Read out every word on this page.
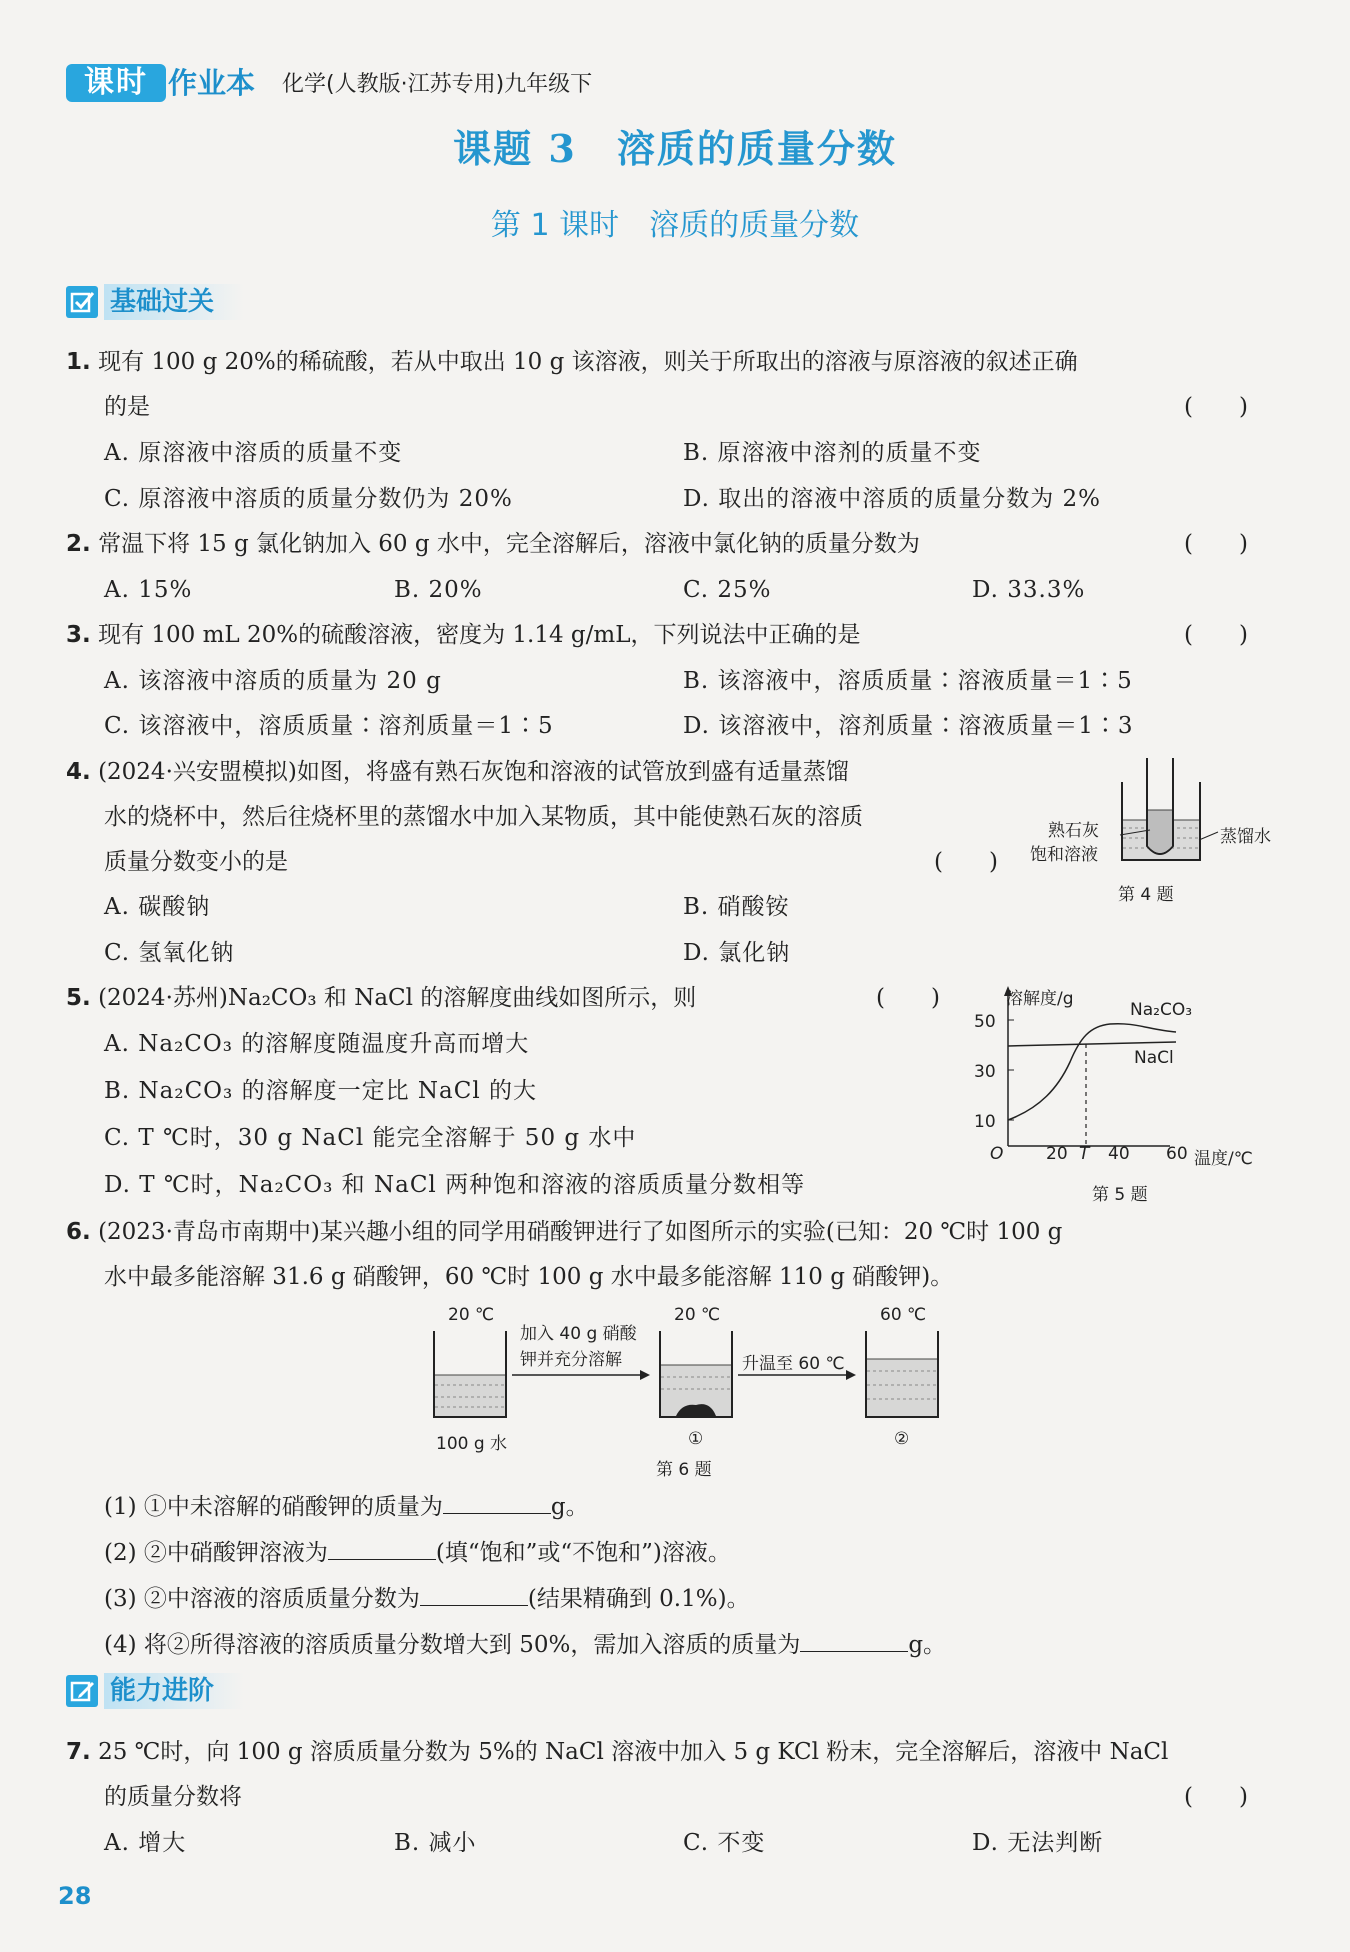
课时 作业本 化学(人教版·江苏专用)九年级下
课题 3　溶质的质量分数
第 1 课时　溶质的质量分数
基础过关
1. 现有 100 g 20%的稀硫酸，若从中取出 10 g 该溶液，则关于所取出的溶液与原溶液的叙述正确
的是	(　　)
A. 原溶液中溶质的质量不变	B. 原溶液中溶剂的质量不变
C. 原溶液中溶质的质量分数仍为 20%	D. 取出的溶液中溶质的质量分数为 2%
2. 常温下将 15 g 氯化钠加入 60 g 水中，完全溶解后，溶液中氯化钠的质量分数为	(　　)
A. 15%	B. 20%	C. 25%	D. 33.3%
3. 现有 100 mL 20%的硫酸溶液，密度为 1.14 g/mL，下列说法中正确的是	(　　)
A. 该溶液中溶质的质量为 20 g	B. 该溶液中，溶质质量∶溶液质量＝1∶5
C. 该溶液中，溶质质量∶溶剂质量＝1∶5	D. 该溶液中，溶剂质量∶溶液质量＝1∶3
4. (2024·兴安盟模拟)如图，将盛有熟石灰饱和溶液的试管放到盛有适量蒸馏
水的烧杯中，然后往烧杯里的蒸馏水中加入某物质，其中能使熟石灰的溶质
质量分数变小的是	(　　)
A. 碳酸钠	B. 硝酸铵
C. 氢氧化钠	D. 氯化钠
熟石灰
饱和溶液
蒸馏水
第 4 题
5. (2024·苏州)Na₂CO₃ 和 NaCl 的溶解度曲线如图所示，则	(　　)
A. Na₂CO₃ 的溶解度随温度升高而增大
B. Na₂CO₃ 的溶解度一定比 NaCl 的大
C. T ℃时，30 g NaCl 能完全溶解于 50 g 水中
D. T ℃时，Na₂CO₃ 和 NaCl 两种饱和溶液的溶质质量分数相等
溶解度/g
50
30
10
O	20 T 40 60 温度/℃
Na₂CO₃
NaCl
第 5 题
6. (2023·青岛市南期中)某兴趣小组的同学用硝酸钾进行了如图所示的实验(已知：20 ℃时 100 g
水中最多能溶解 31.6 g 硝酸钾，60 ℃时 100 g 水中最多能溶解 110 g 硝酸钾)。
20 ℃	20 ℃	60 ℃
加入 40 g 硝酸
钾并充分溶解	升温至 60 ℃
100 g 水	①	②
第 6 题
(1) ①中未溶解的硝酸钾的质量为	g。
(2) ②中硝酸钾溶液为	(填“饱和”或“不饱和”)溶液。
(3) ②中溶液的溶质质量分数为	(结果精确到 0.1%)。
(4) 将②所得溶液的溶质质量分数增大到 50%，需加入溶质的质量为	g。
能力进阶
7. 25 ℃时，向 100 g 溶质质量分数为 5%的 NaCl 溶液中加入 5 g KCl 粉末，完全溶解后，溶液中 NaCl
的质量分数将	(　　)
A. 增大	B. 减小	C. 不变	D. 无法判断
28
